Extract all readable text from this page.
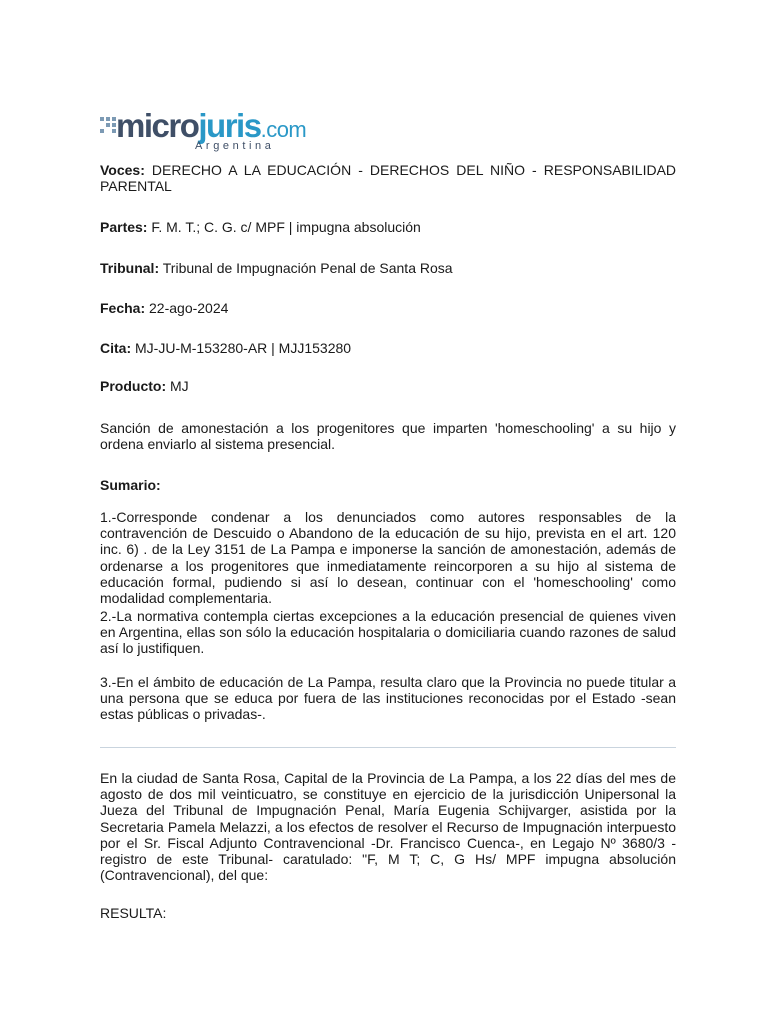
microjuris.com
Argentina
Voces: DERECHO A LA EDUCACIÓN - DERECHOS DEL NIÑO - RESPONSABILIDAD PARENTAL
Partes: F. M. T.; C. G. c/ MPF | impugna absolución
Tribunal: Tribunal de Impugnación Penal de Santa Rosa
Fecha: 22-ago-2024
Cita: MJ-JU-M-153280-AR | MJJ153280
Producto: MJ
Sanción de amonestación a los progenitores que imparten 'homeschooling' a su hijo y ordena enviarlo al sistema presencial.
Sumario:
1.-Corresponde condenar a los denunciados como autores responsables de la contravención de Descuido o Abandono de la educación de su hijo, prevista en el art. 120 inc. 6) . de la Ley 3151 de La Pampa e imponerse la sanción de amonestación, además de ordenarse a los progenitores que inmediatamente reincorporen a su hijo al sistema de educación formal, pudiendo si así lo desean, continuar con el 'homeschooling' como modalidad complementaria.
2.-La normativa contempla ciertas excepciones a la educación presencial de quienes viven en Argentina, ellas son sólo la educación hospitalaria o domiciliaria cuando razones de salud así lo justifiquen.
3.-En el ámbito de educación de La Pampa, resulta claro que la Provincia no puede titular a una persona que se educa por fuera de las instituciones reconocidas por el Estado -sean estas públicas o privadas-.
En la ciudad de Santa Rosa, Capital de la Provincia de La Pampa, a los 22 días del mes de agosto de dos mil veinticuatro, se constituye en ejercicio de la jurisdicción Unipersonal la Jueza del Tribunal de Impugnación Penal, María Eugenia Schijvarger, asistida por la Secretaria Pamela Melazzi, a los efectos de resolver el Recurso de Impugnación interpuesto por el Sr. Fiscal Adjunto Contravencional -Dr. Francisco Cuenca-, en Legajo Nº 3680/3 - registro de este Tribunal- caratulado: "F, M T; C, G Hs/ MPF impugna absolución (Contravencional), del que:
RESULTA:
